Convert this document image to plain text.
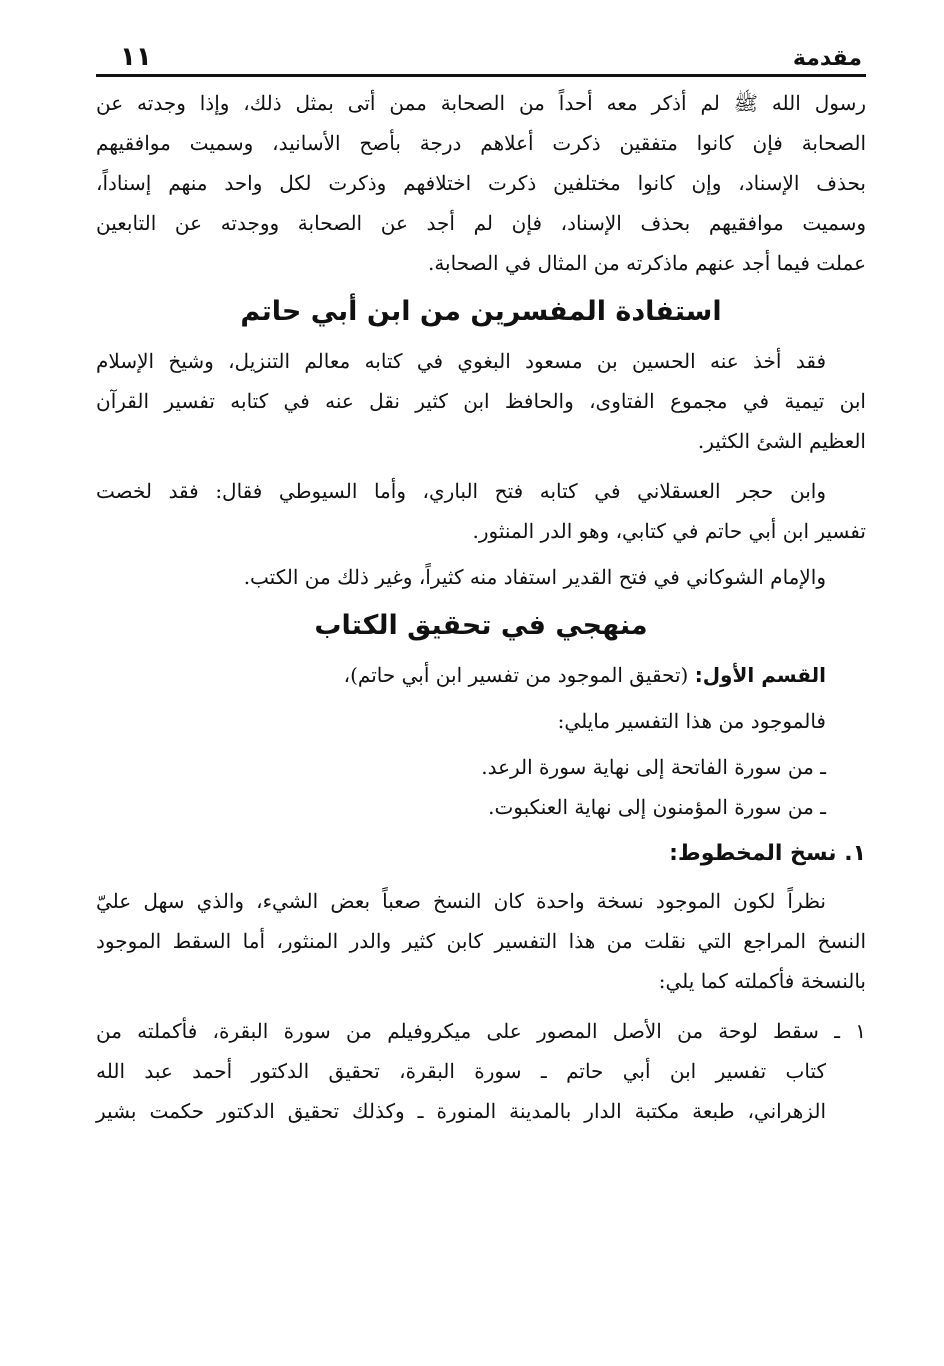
مقدمة
١١
رسول الله ﷺ لم أذكر معه أحداً من الصحابة ممن أتى بمثل ذلك، وإذا وجدته عن
الصحابة فإن كانوا متفقين ذكرت أعلاهم درجة بأصح الأسانيد، وسميت موافقيهم
بحذف الإسناد، وإن كانوا مختلفين ذكرت اختلافهم وذكرت لكل واحد منهم إسناداً،
وسميت موافقيهم بحذف الإسناد، فإن لم أجد عن الصحابة ووجدته عن التابعين
عملت فيما أجد عنهم ماذكرته من المثال في الصحابة.
استفادة المفسرين من ابن أبي حاتم
فقد أخذ عنه الحسين بن مسعود البغوي في كتابه معالم التنزيل، وشيخ الإسلام
ابن تيمية في مجموع الفتاوى، والحافظ ابن كثير نقل عنه في كتابه تفسير القرآن
العظيم الشئ الكثير.
وابن حجر العسقلاني في كتابه فتح الباري، وأما السيوطي فقال: فقد لخصت
تفسير ابن أبي حاتم في كتابي، وهو الدر المنثور.
والإمام الشوكاني في فتح القدير استفاد منه كثيراً، وغير ذلك من الكتب.
منهجي في تحقيق الكتاب
القسم الأول: (تحقيق الموجود من تفسير ابن أبي حاتم)،
فالموجود من هذا التفسير مايلي:
ـ من سورة الفاتحة إلى نهاية سورة الرعد.
ـ من سورة المؤمنون إلى نهاية العنكبوت.
١. نسخ المخطوط:
نظراً لكون الموجود نسخة واحدة كان النسخ صعباً بعض الشيء، والذي سهل عليّ
النسخ المراجع التي نقلت من هذا التفسير كابن كثير والدر المنثور، أما السقط الموجود
بالنسخة فأكملته كما يلي:
١ ـ سقط لوحة من الأصل المصور على ميكروفيلم من سورة البقرة، فأكملته من
كتاب تفسير ابن أبي حاتم ـ سورة البقرة، تحقيق الدكتور أحمد عبد الله
الزهراني، طبعة مكتبة الدار بالمدينة المنورة ـ وكذلك تحقيق الدكتور حكمت بشير
